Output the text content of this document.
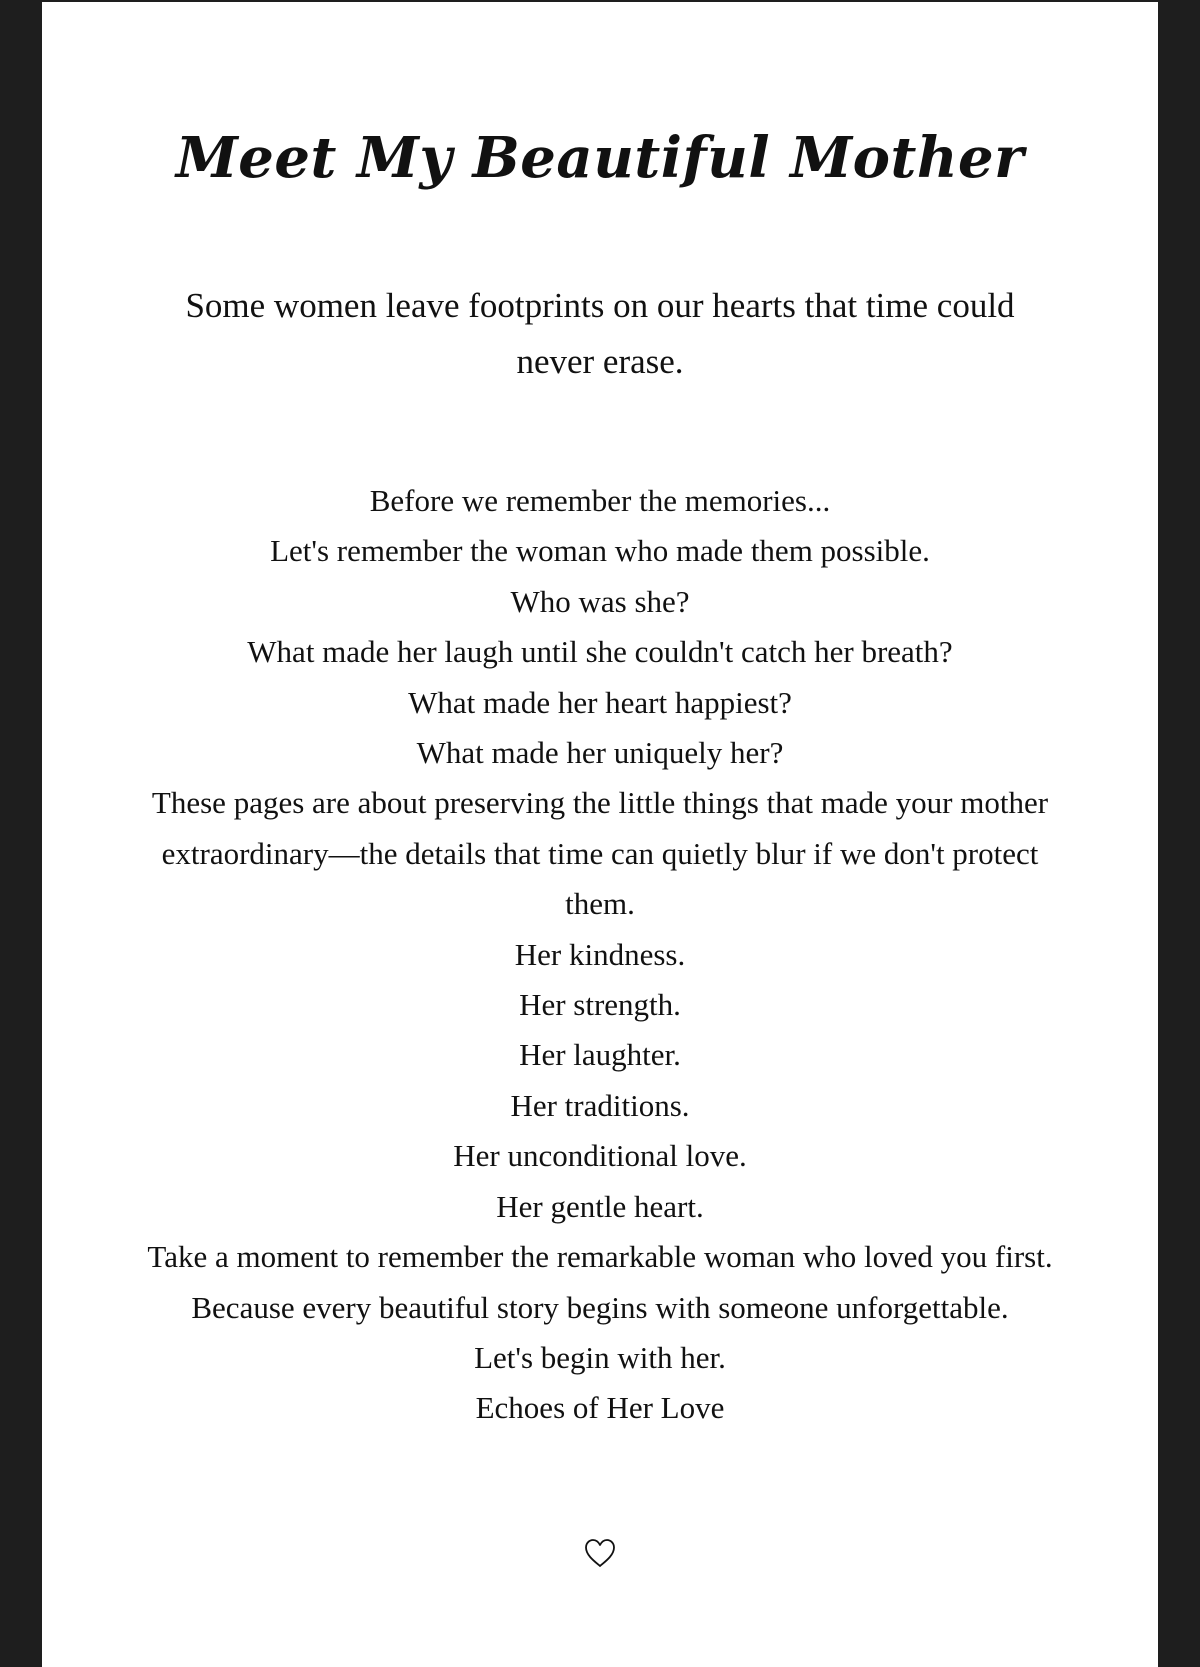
Meet My Beautiful Mother

Some women leave footprints on our hearts that time could never erase.

Before we remember the memories...
Let's remember the woman who made them possible.
Who was she?
What made her laugh until she couldn't catch her breath?
What made her heart happiest?
What made her uniquely her?
These pages are about preserving the little things that made your mother extraordinary—the details that time can quietly blur if we don't protect them.
Her kindness.
Her strength.
Her laughter.
Her traditions.
Her unconditional love.
Her gentle heart.
Take a moment to remember the remarkable woman who loved you first.
Because every beautiful story begins with someone unforgettable.
Let's begin with her.
Echoes of Her Love
